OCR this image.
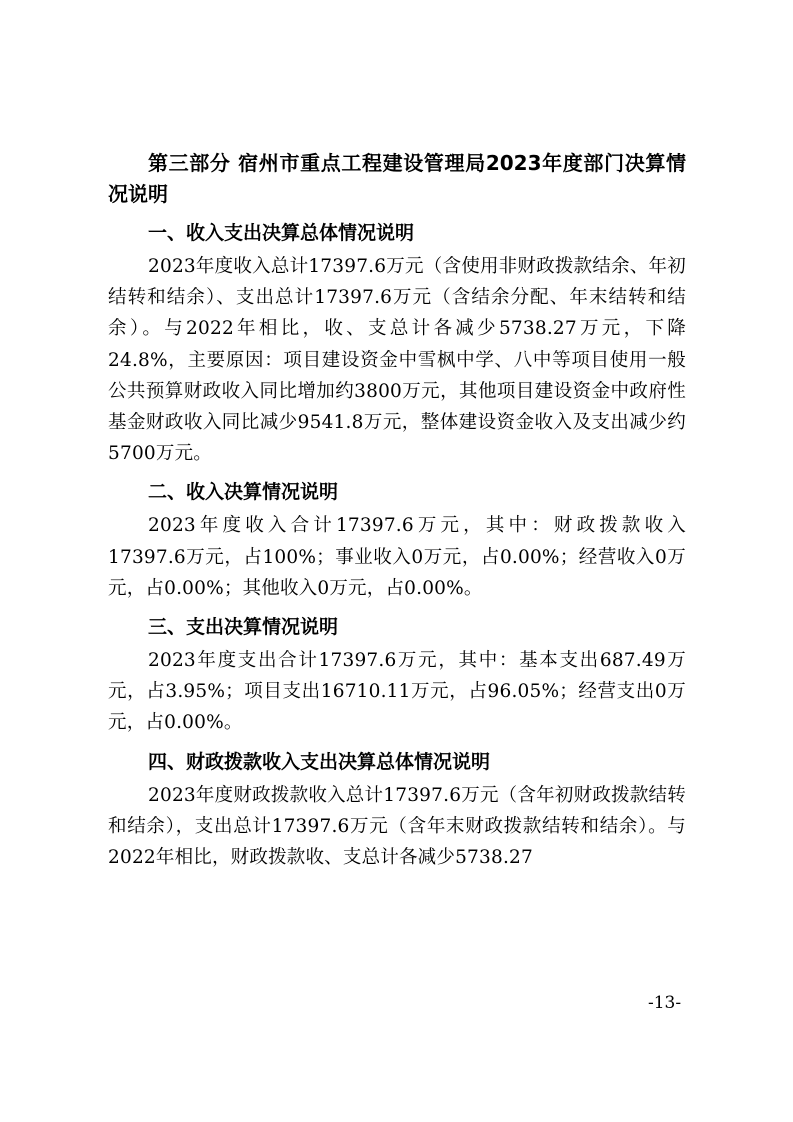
第三部分 宿州市重点工程建设管理局2023年度部门决算情况说明

一、收入支出决算总体情况说明

2023年度收入总计17397.6万元（含使用非财政拨款结余、年初结转和结余）、支出总计17397.6万元（含结余分配、年末结转和结余）。与2022年相比，收、支总计各减少5738.27万元，下降24.8%，主要原因：项目建设资金中雪枫中学、八中等项目使用一般公共预算财政收入同比增加约3800万元，其他项目建设资金中政府性基金财政收入同比减少9541.8万元，整体建设资金收入及支出减少约5700万元。

二、收入决算情况说明

2023年度收入合计17397.6万元，其中：财政拨款收入17397.6万元，占100%；事业收入0万元，占0.00%；经营收入0万元，占0.00%；其他收入0万元，占0.00%。

三、支出决算情况说明

2023年度支出合计17397.6万元，其中：基本支出687.49万元，占3.95%；项目支出16710.11万元，占96.05%；经营支出0万元，占0.00%。

四、财政拨款收入支出决算总体情况说明

2023年度财政拨款收入总计17397.6万元（含年初财政拨款结转和结余），支出总计17397.6万元（含年末财政拨款结转和结余）。与2022年相比，财政拨款收、支总计各减少5738.27

-13-
